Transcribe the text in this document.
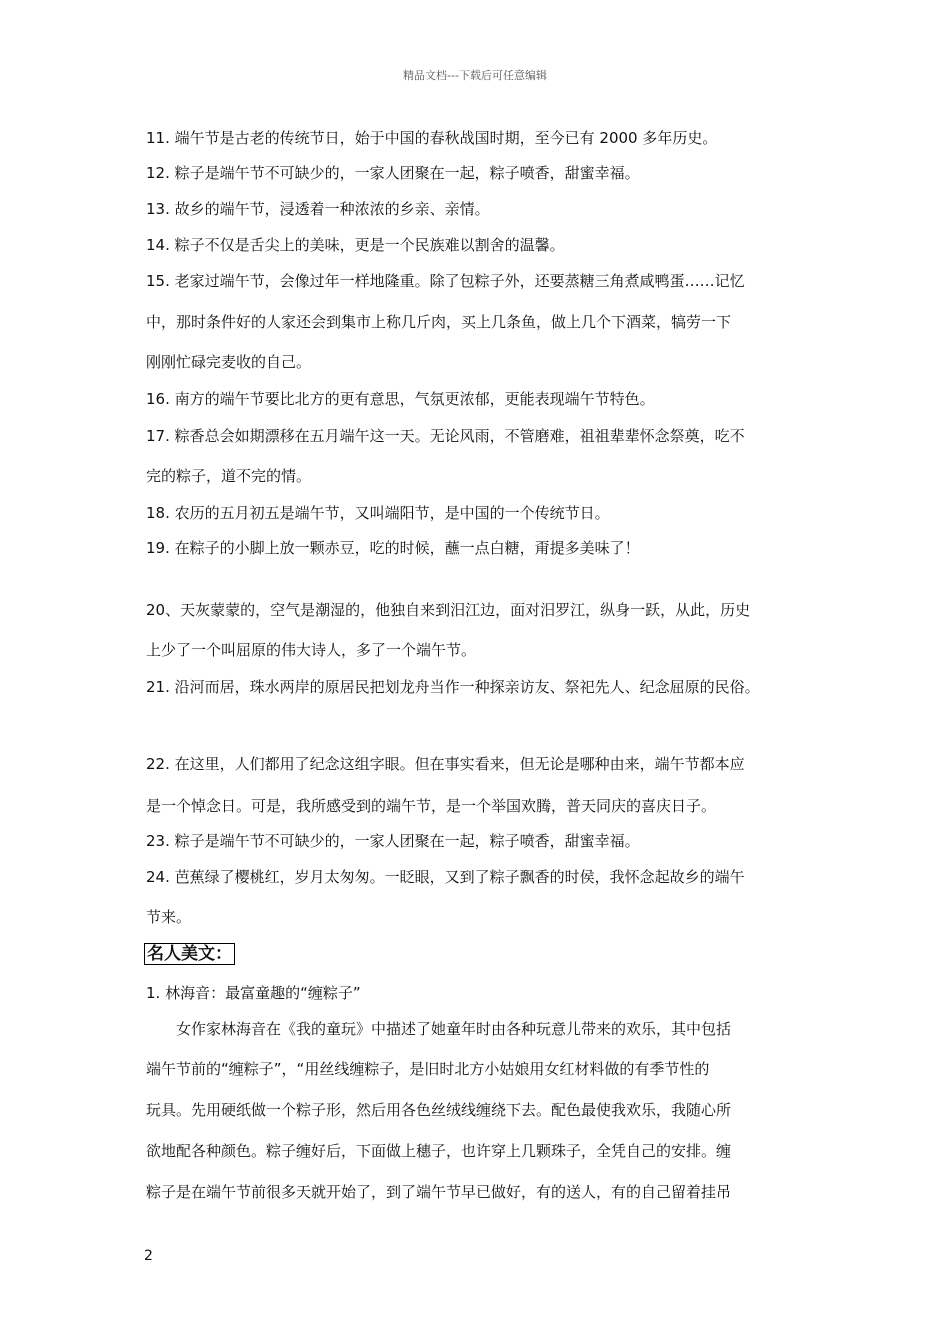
精品文档---下载后可任意编辑
11. 端午节是古老的传统节日，始于中国的春秋战国时期，至今已有 2000 多年历史。
12. 粽子是端午节不可缺少的，一家人团聚在一起，粽子喷香，甜蜜幸福。
13. 故乡的端午节，浸透着一种浓浓的乡亲、亲情。
14. 粽子不仅是舌尖上的美味，更是一个民族难以割舍的温馨。
15. 老家过端午节，会像过年一样地隆重。除了包粽子外，还要蒸糖三角煮咸鸭蛋……记忆
中，那时条件好的人家还会到集市上称几斤肉，买上几条鱼，做上几个下酒菜，犒劳一下
刚刚忙碌完麦收的自己。
16. 南方的端午节要比北方的更有意思，气氛更浓郁，更能表现端午节特色。
17. 粽香总会如期漂移在五月端午这一天。无论风雨，不管磨难，祖祖辈辈怀念祭奠，吃不
完的粽子，道不完的情。
18. 农历的五月初五是端午节，又叫端阳节，是中国的一个传统节日。
19. 在粽子的小脚上放一颗赤豆，吃的时候，蘸一点白糖，甭提多美味了！
20、天灰蒙蒙的，空气是潮湿的，他独自来到汨江边，面对汨罗江，纵身一跃，从此，历史
上少了一个叫屈原的伟大诗人，多了一个端午节。
21. 沿河而居，珠水两岸的原居民把划龙舟当作一种探亲访友、祭祀先人、纪念屈原的民俗。
22. 在这里，人们都用了纪念这组字眼。但在事实看来，但无论是哪种由来，端午节都本应
是一个悼念日。可是，我所感受到的端午节，是一个举国欢腾，普天同庆的喜庆日子。
23. 粽子是端午节不可缺少的，一家人团聚在一起，粽子喷香，甜蜜幸福。
24. 芭蕉绿了樱桃红，岁月太匆匆。一眨眼，又到了粽子飘香的时侯，我怀念起故乡的端午
节来。
名人美文：
1. 林海音：最富童趣的“缠粽子”
女作家林海音在《我的童玩》中描述了她童年时由各种玩意儿带来的欢乐，其中包括
端午节前的“缠粽子”，“用丝线缠粽子，是旧时北方小姑娘用女红材料做的有季节性的
玩具。先用硬纸做一个粽子形，然后用各色丝绒线缠绕下去。配色最使我欢乐，我随心所
欲地配各种颜色。粽子缠好后，下面做上穗子，也许穿上几颗珠子，全凭自己的安排。缠
粽子是在端午节前很多天就开始了，到了端午节早已做好，有的送人，有的自己留着挂吊
2
